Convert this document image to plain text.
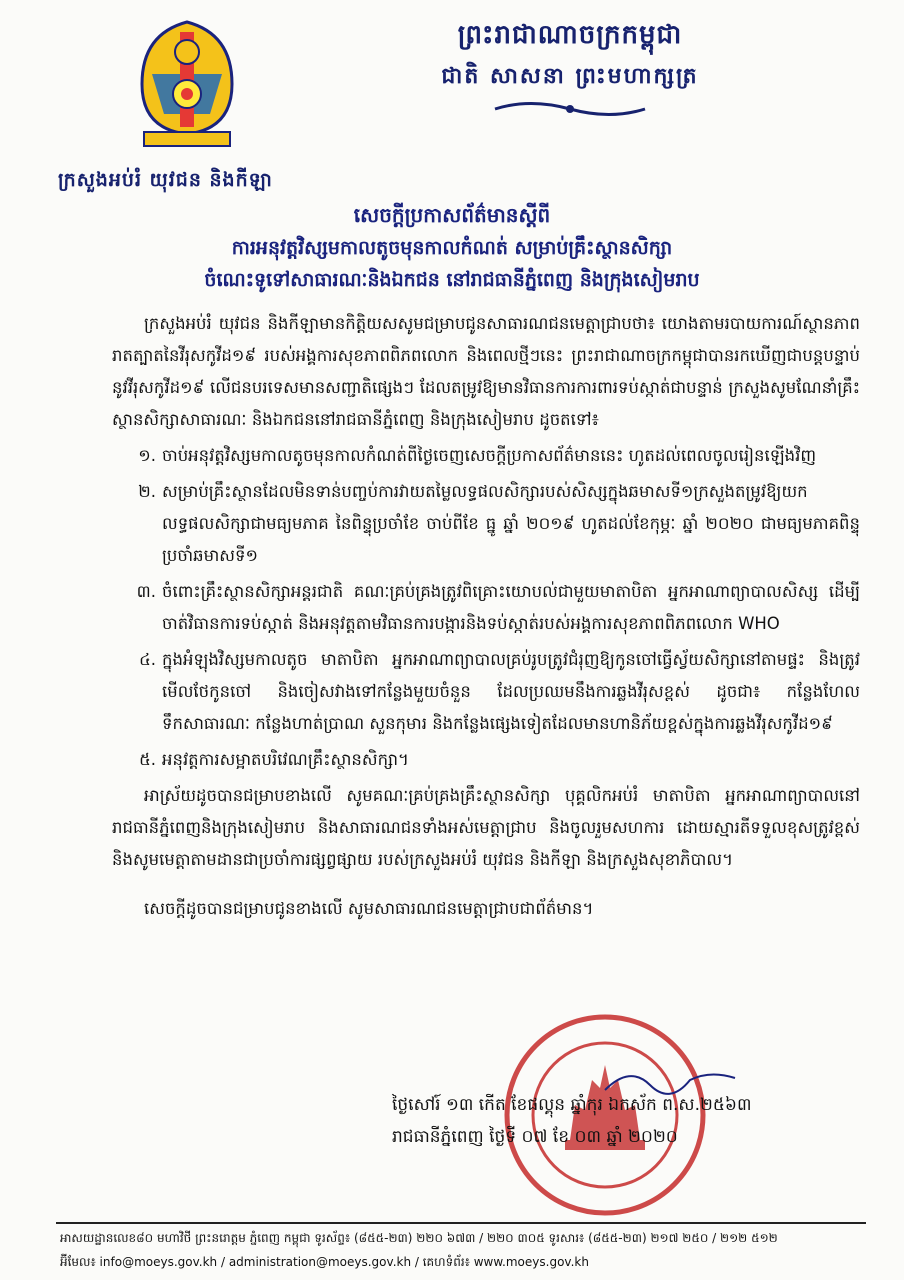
ព្រះរាជាណាចក្រកម្ពុជា
ជាតិ សាសនា ព្រះមហាក្សត្រ
ក្រសួងអប់រំ យុវជន និងកីឡា
សេចក្តីប្រកាសព័ត៌មានស្តីពី
ការអនុវត្តវិស្សមកាលតូចមុនកាលកំណត់ សម្រាប់គ្រឹះស្ថានសិក្សា
ចំណេះទូទៅសាធារណៈនិងឯកជន នៅរាជធានីភ្នំពេញ និងក្រុងសៀមរាប

ក្រសួងអប់រំ យុវជន និងកីឡាមានកិត្តិយសសូមជម្រាបជូនសាធារណជនមេត្តាជ្រាបថា៖ យោងតាមរបាយការណ៍ស្ថានភាពរាតត្បាតនៃវីរុសកូវីដ១៩ របស់អង្គការសុខភាពពិភពលោក និងពេលថ្មីៗនេះ ព្រះរាជាណាចក្រកម្ពុជាបានរកឃើញជាបន្តបន្ទាប់នូវវីរុសកូវីដ១៩ លើជនបរទេសមានសញ្ជាតិផ្សេងៗ ដែលតម្រូវឱ្យមានវិធានការការពារទប់ស្កាត់ជាបន្ទាន់ ក្រសួងសូមណែនាំគ្រឹះស្ថានសិក្សាសាធារណៈ និងឯកជននៅរាជធានីភ្នំពេញ និងក្រុងសៀមរាប ដូចតទៅ៖

១. ចាប់អនុវត្តវិស្សមកាលតូចមុនកាលកំណត់ពីថ្ងៃចេញសេចក្តីប្រកាសព័ត៌មាននេះ ហូតដល់ពេលចូលរៀនឡើងវិញ
២. សម្រាប់គ្រឹះស្ថានដែលមិនទាន់បញ្ចប់ការវាយតម្លៃលទ្ធផលសិក្សារបស់សិស្សក្នុងឆមាសទី១ក្រសួងតម្រូវឱ្យយកលទ្ធផលសិក្សាជាមធ្យមភាគ នៃពិន្ទុប្រចាំខែ ចាប់ពីខែ ធ្នូ ឆ្នាំ ២០១៩ ហូតដល់ខែកុម្ភៈ ឆ្នាំ ២០២០ ជាមធ្យមភាគពិន្ទុប្រចាំឆមាសទី១
៣. ចំពោះគ្រឹះស្ថានសិក្សាអន្តរជាតិ គណៈគ្រប់គ្រងត្រូវពិគ្រោះយោបល់ជាមួយមាតាបិតា អ្នកអាណាព្យាបាលសិស្ស ដើម្បីចាត់វិធានការទប់ស្កាត់ និងអនុវត្តតាមវិធានការបង្ការនិងទប់ស្កាត់របស់អង្គការសុខភាពពិភពលោក WHO
៤. ក្នុងអំឡុងវិស្សមកាលតូច មាតាបិតា អ្នកអាណាព្យាបាលគ្រប់រូបត្រូវជំរុញឱ្យកូនចៅធ្វើស្វ័យសិក្សានៅតាមផ្ទះ និងត្រូវមើលថែកូនចៅ និងចៀសវាងទៅកន្លែងមួយចំនួន ដែលប្រឈមនឹងការឆ្លងវីរុសខ្ពស់ ដូចជា៖ កន្លែងហែលទឹកសាធារណៈ កន្លែងហាត់ប្រាណ សួនកុមារ និងកន្លែងផ្សេងទៀតដែលមានហានិភ័យខ្ពស់ក្នុងការឆ្លងវីរុសកូវីដ១៩
៥. អនុវត្តការសម្អាតបរិវេណគ្រឹះស្ថានសិក្សា។

អាស្រ័យដូចបានជម្រាបខាងលើ សូមគណៈគ្រប់គ្រងគ្រឹះស្ថានសិក្សា បុគ្គលិកអប់រំ មាតាបិតា អ្នកអាណាព្យាបាលនៅរាជធានីភ្នំពេញនិងក្រុងសៀមរាប និងសាធារណជនទាំងអស់មេត្តាជ្រាប និងចូលរួមសហការ ដោយស្មារតីទទួលខុសត្រូវខ្ពស់ និងសូមមេត្តាតាមដានជាប្រចាំការផ្សព្វផ្សាយ របស់ក្រសួងអប់រំ យុវជន និងកីឡា និងក្រសួងសុខាភិបាល។

សេចក្តីដូចបានជម្រាបជូនខាងលើ សូមសាធារណជនមេត្តាជ្រាបជាព័ត៌មាន។

ថ្ងៃសៅរ៍ ១៣ កើត ខែផល្គុន ឆ្នាំកុរ ឯកស័ក ព.ស.២៥៦៣
រាជធានីភ្នំពេញ ថ្ងៃទី ០៧ ខែ ០៣ ឆ្នាំ ២០២០
អាសយដ្ឋានលេខ៨០ មហាវិថី ព្រះនរោត្តម ភ្នំពេញ កម្ពុជា ទូរស័ព្ទ៖ (៨៥៥-២៣) ២២០ ៦៧៣ / ២២០ ៣០៥ ទូរសារ៖ (៨៥៥-២៣) ២១៧ ២៥០ / ២១២ ៥១២
អ៊ីមែល៖ info@moeys.gov.kh / administration@moeys.gov.kh / គេហទំព័រ៖ www.moeys.gov.kh
